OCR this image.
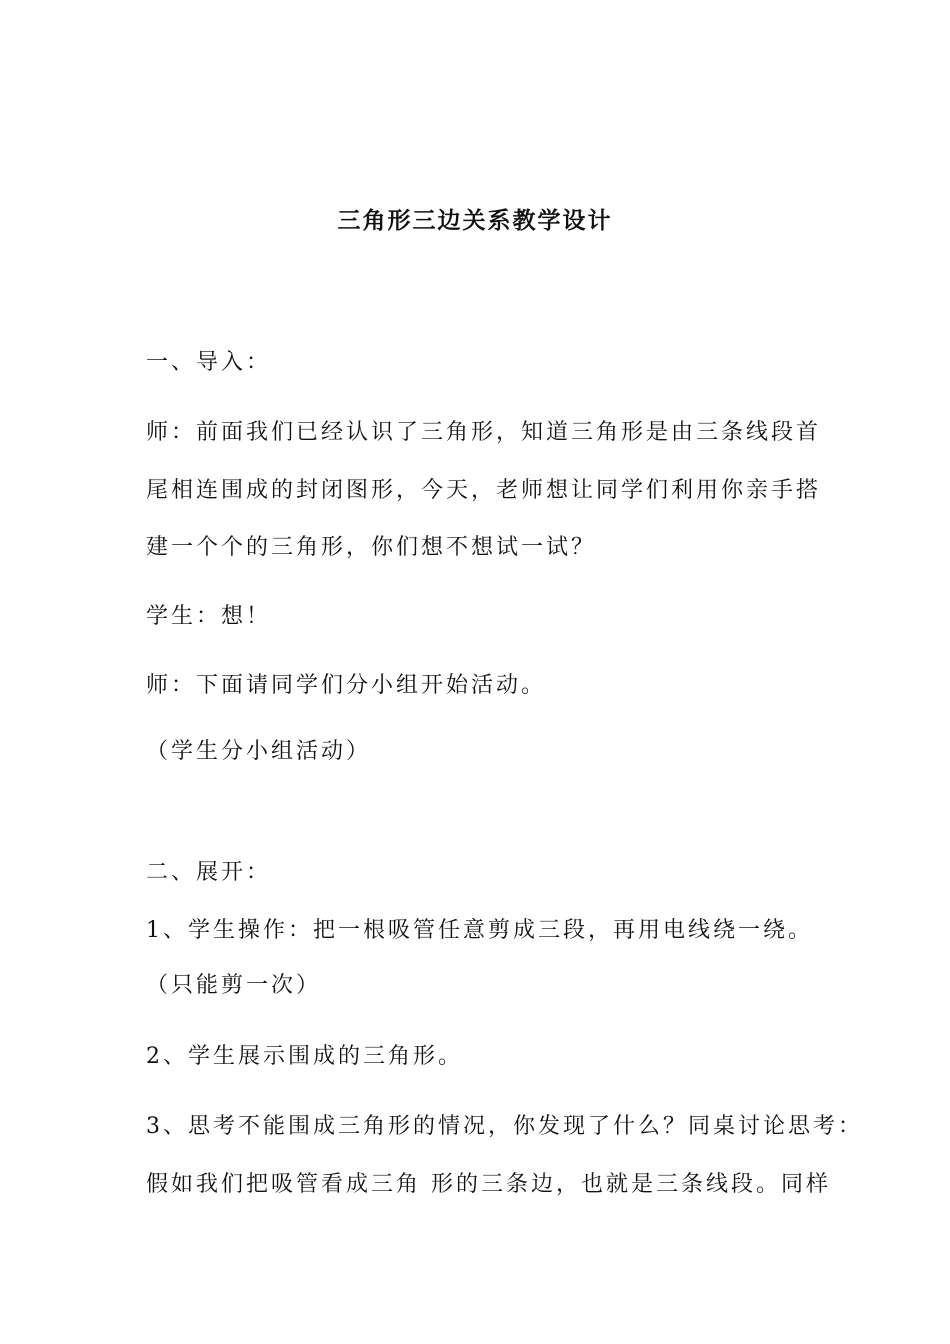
三角形三边关系教学设计
一、导入：
师：前面我们已经认识了三角形，知道三角形是由三条线段首
尾相连围成的封闭图形，今天，老师想让同学们利用你亲手搭
建一个个的三角形，你们想不想试一试？
学生：想！
师：下面请同学们分小组开始活动。
（学生分小组活动）
二、展开：
1、学生操作：把一根吸管任意剪成三段，再用电线绕一绕。
（只能剪一次）
2、学生展示围成的三角形。
3、思考不能围成三角形的情况，你发现了什么？同桌讨论思考：
假如我们把吸管看成三角 形的三条边，也就是三条线段。同样
